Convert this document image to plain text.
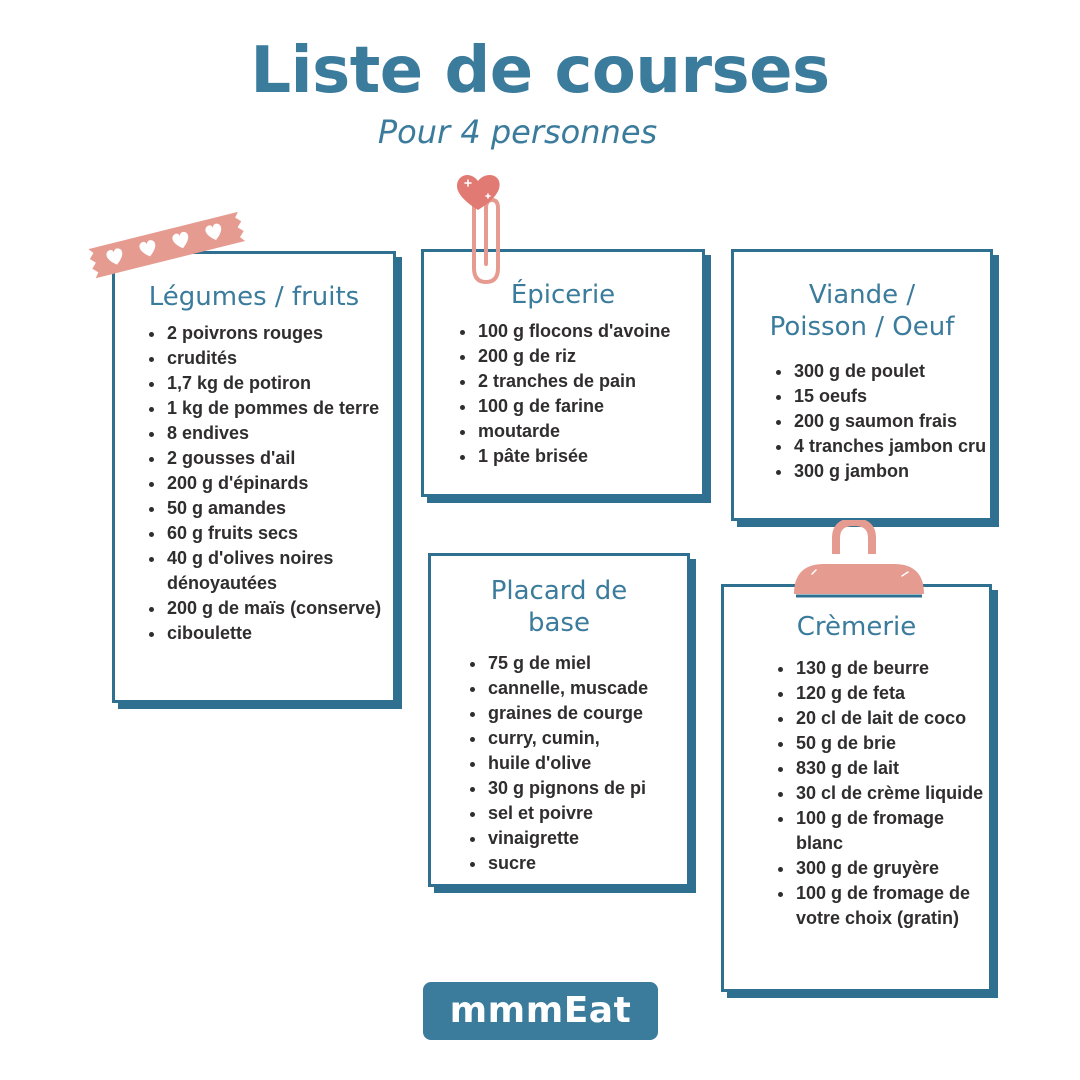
Liste de courses
Pour 4 personnes
Légumes / fruits
2 poivrons rouges
crudités
1,7 kg de potiron
1 kg de pommes de terre
8 endives
2 gousses d'ail
200 g d'épinards
50 g amandes
60 g fruits secs
40 g d'olives noires dénoyautées
200 g de maïs (conserve)
ciboulette
Épicerie
100 g flocons d'avoine
200 g de riz
2 tranches de pain
100 g de farine
moutarde
1 pâte brisée
Viande /
Poisson / Oeuf
300 g de poulet
15 oeufs
200 g saumon frais
4 tranches jambon cru
300 g jambon
Placard de
base
75 g de miel
cannelle, muscade
graines de courge
curry, cumin,
huile d'olive
30 g pignons de pi
sel et poivre
vinaigrette
sucre
Crèmerie
130 g de beurre
120 g de feta
20 cl de lait de coco
50 g de brie
830 g de lait
30 cl de crème liquide
100 g de fromage blanc
300 g de gruyère
100 g de fromage de votre choix (gratin)
mmmEat
